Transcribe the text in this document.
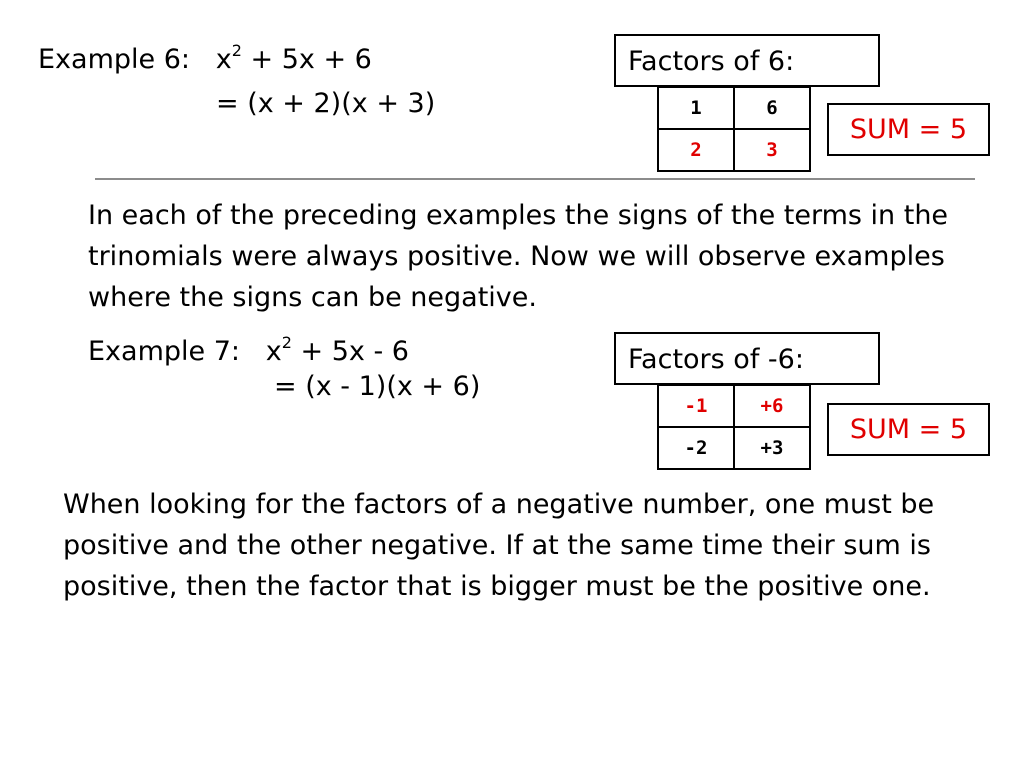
Example 6: $x^2 + 5x + 6$
= (x + 2)(x + 3)
Factors of 6:
1	6
2	3
SUM = 5
In each of the preceding examples the signs of the terms in the trinomials were always positive. Now we will observe examples where the signs can be negative.
Example 7: $x^2 + 5x - 6$
= (x - 1)(x + 6)
Factors of -6:
-1	+6
-2	+3
SUM = 5
When looking for the factors of a negative number, one must be positive and the other negative. If at the same time their sum is positive, then the factor that is bigger must be the positive one.
